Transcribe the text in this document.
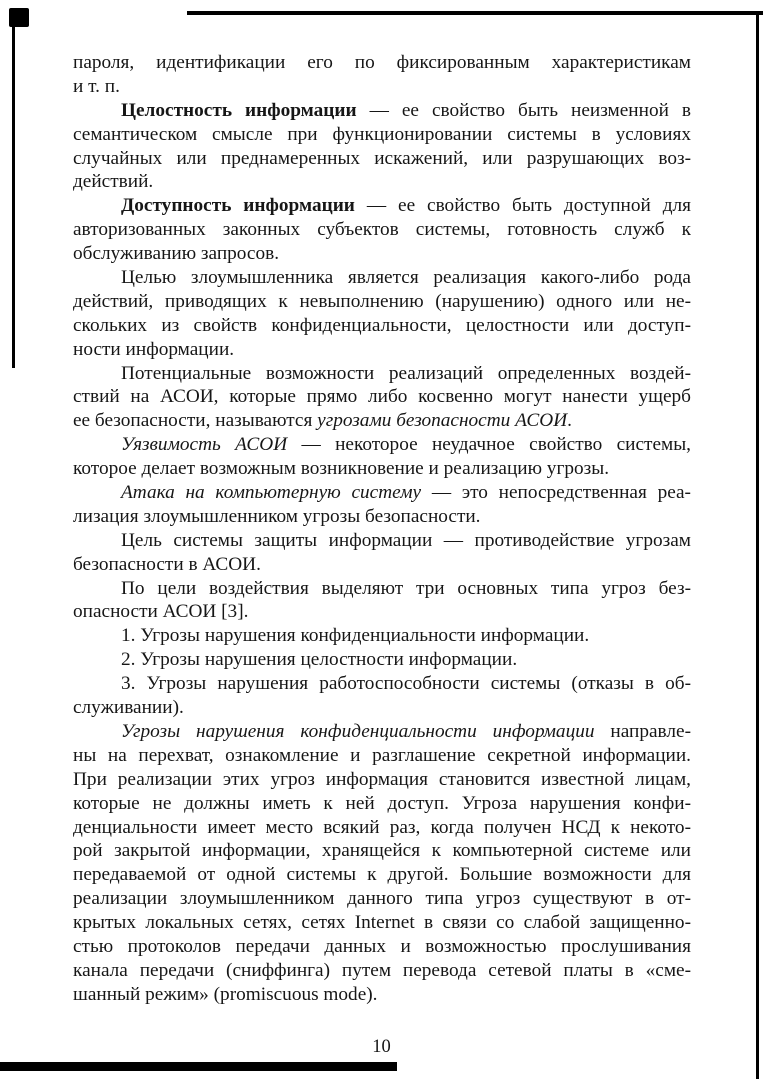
пароля, идентификации его по фиксированным характеристикам
и т. п.
Целостность информации — ее свойство быть неизменной в
семантическом смысле при функционировании системы в условиях
случайных или преднамеренных искажений, или разрушающих воз-
действий.
Доступность информации — ее свойство быть доступной для
авторизованных законных субъектов системы, готовность служб к
обслуживанию запросов.
Целью злоумышленника является реализация какого-либо рода
действий, приводящих к невыполнению (нарушению) одного или не-
скольких из свойств конфиденциальности, целостности или доступ-
ности информации.
Потенциальные возможности реализаций определенных воздей-
ствий на АСОИ, которые прямо либо косвенно могут нанести ущерб
ее безопасности, называются угрозами безопасности АСОИ.
Уязвимость АСОИ — некоторое неудачное свойство системы,
которое делает возможным возникновение и реализацию угрозы.
Атака на компьютерную систему — это непосредственная реа-
лизация злоумышленником угрозы безопасности.
Цель системы защиты информации — противодействие угрозам
безопасности в АСОИ.
По цели воздействия выделяют три основных типа угроз без-
опасности АСОИ [3].
1. Угрозы нарушения конфиденциальности информации.
2. Угрозы нарушения целостности информации.
3. Угрозы нарушения работоспособности системы (отказы в об-
служивании).
Угрозы нарушения конфиденциальности информации направле-
ны на перехват, ознакомление и разглашение секретной информации.
При реализации этих угроз информация становится известной лицам,
которые не должны иметь к ней доступ. Угроза нарушения конфи-
денциальности имеет место всякий раз, когда получен НСД к некото-
рой закрытой информации, хранящейся к компьютерной системе или
передаваемой от одной системы к другой. Большие возможности для
реализации злоумышленником данного типа угроз существуют в от-
крытых локальных сетях, сетях Internet в связи со слабой защищенно-
стью протоколов передачи данных и возможностью прослушивания
канала передачи (сниффинга) путем перевода сетевой платы в «сме-
шанный режим» (promiscuous mode).
10
